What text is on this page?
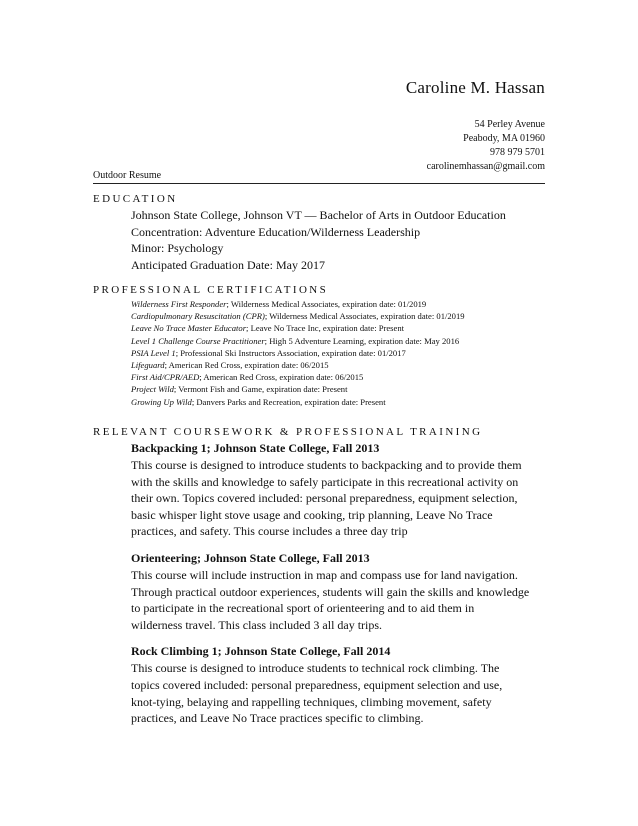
Caroline M. Hassan
54 Perley Avenue
Peabody, MA 01960
978 979 5701
carolinemhassan@gmail.com
Outdoor Resume
EDUCATION
Johnson State College, Johnson VT — Bachelor of Arts in Outdoor Education
Concentration: Adventure Education/Wilderness Leadership
Minor: Psychology
Anticipated Graduation Date: May 2017
PROFESSIONAL CERTIFICATIONS
Wilderness First Responder; Wilderness Medical Associates, expiration date: 01/2019
Cardiopulmonary Resuscitation (CPR); Wilderness Medical Associates, expiration date: 01/2019
Leave No Trace Master Educator; Leave No Trace Inc, expiration date: Present
Level 1 Challenge Course Practitioner; High 5 Adventure Learning, expiration date: May 2016
PSIA Level 1; Professional Ski Instructors Association, expiration date: 01/2017
Lifeguard; American Red Cross, expiration date: 06/2015
First Aid/CPR/AED; American Red Cross, expiration date: 06/2015
Project Wild; Vermont Fish and Game, expiration date: Present
Growing Up Wild; Danvers Parks and Recreation, expiration date: Present
RELEVANT COURSEWORK & PROFESSIONAL TRAINING
Backpacking 1; Johnson State College, Fall 2013
This course is designed to introduce students to backpacking and to provide them
with the skills and knowledge to safely participate in this recreational activity on
their own. Topics covered included: personal preparedness, equipment selection,
basic whisper light stove usage and cooking, trip planning, Leave No Trace
practices, and safety. This course includes a three day trip
Orienteering; Johnson State College, Fall 2013
This course will include instruction in map and compass use for land navigation.
Through practical outdoor experiences, students will gain the skills and knowledge
to participate in the recreational sport of orienteering and to aid them in
wilderness travel. This class included 3 all day trips.
Rock Climbing 1; Johnson State College, Fall 2014
This course is designed to introduce students to technical rock climbing. The
topics covered included: personal preparedness, equipment selection and use,
knot-tying, belaying and rappelling techniques, climbing movement, safety
practices, and Leave No Trace practices specific to climbing.
